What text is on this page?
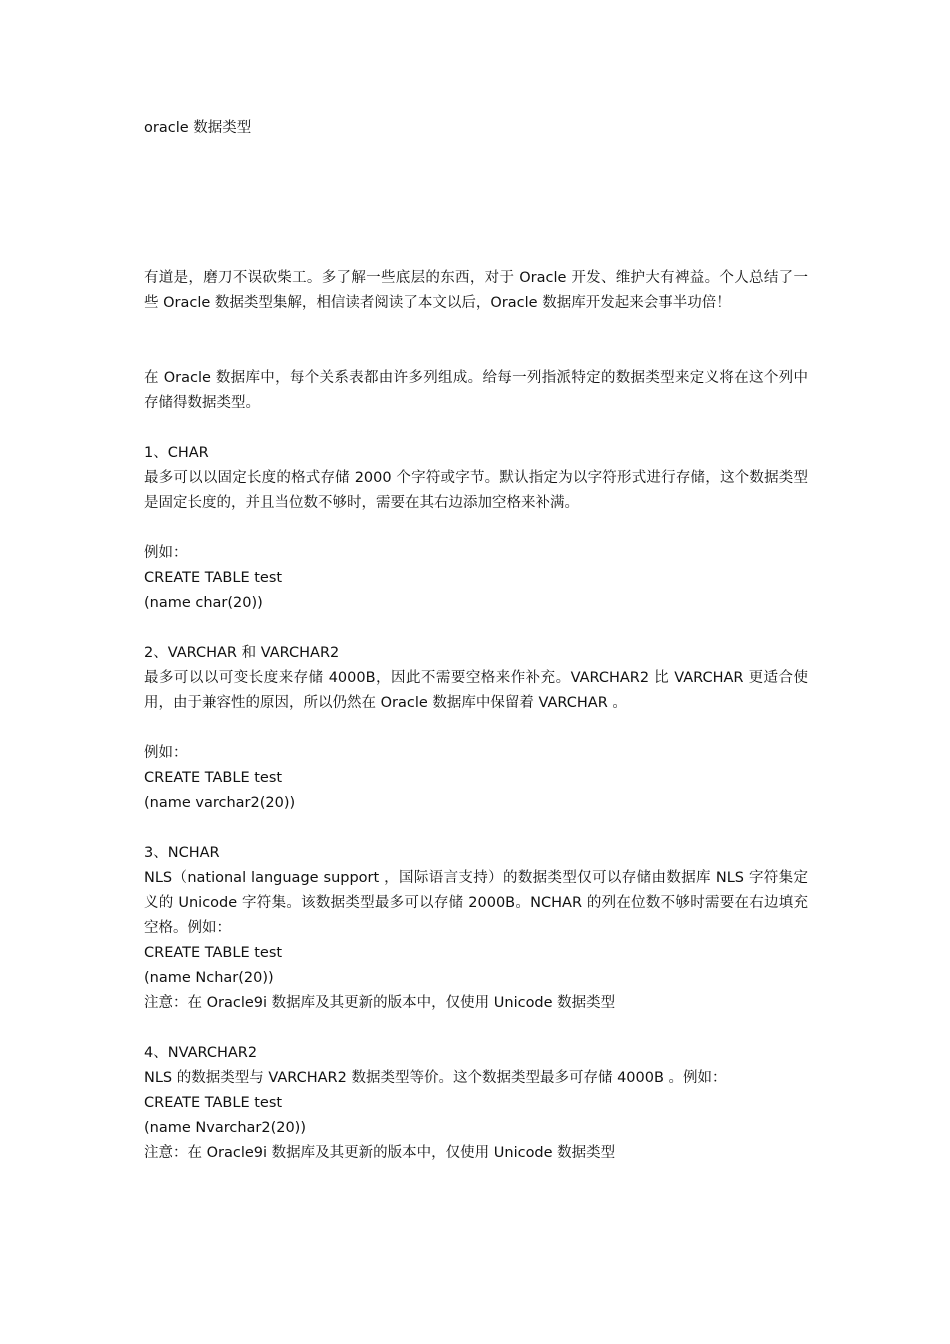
oracle 数据类型
有道是，磨刀不误砍柴工。多了解一些底层的东西，对于 Oracle 开发、维护大有裨益。个人总结了一些 Oracle 数据类型集解，相信读者阅读了本文以后，Oracle 数据库开发起来会事半功倍！
在 Oracle 数据库中，每个关系表都由许多列组成。给每一列指派特定的数据类型来定义将在这个列中存储得数据类型。
1、CHAR
最多可以以固定长度的格式存储 2000 个字符或字节。默认指定为以字符形式进行存储，这个数据类型是固定长度的，并且当位数不够时，需要在其右边添加空格来补满。
例如：
CREATE TABLE test
(name char(20))
2、VARCHAR 和 VARCHAR2
最多可以以可变长度来存储 4000B，因此不需要空格来作补充。VARCHAR2 比 VARCHAR 更适合使用，由于兼容性的原因，所以仍然在 Oracle 数据库中保留着 VARCHAR 。
例如：
CREATE TABLE test
(name varchar2(20))
3、NCHAR
NLS（national language support ，国际语言支持）的数据类型仅可以存储由数据库 NLS 字符集定义的 Unicode 字符集。该数据类型最多可以存储 2000B。NCHAR 的列在位数不够时需要在右边填充空格。例如：
CREATE TABLE test
(name Nchar(20))
注意：在 Oracle9i 数据库及其更新的版本中，仅使用 Unicode 数据类型
4、NVARCHAR2
NLS 的数据类型与 VARCHAR2 数据类型等价。这个数据类型最多可存储 4000B 。例如：
CREATE TABLE test
(name Nvarchar2(20))
注意：在 Oracle9i 数据库及其更新的版本中，仅使用 Unicode 数据类型
